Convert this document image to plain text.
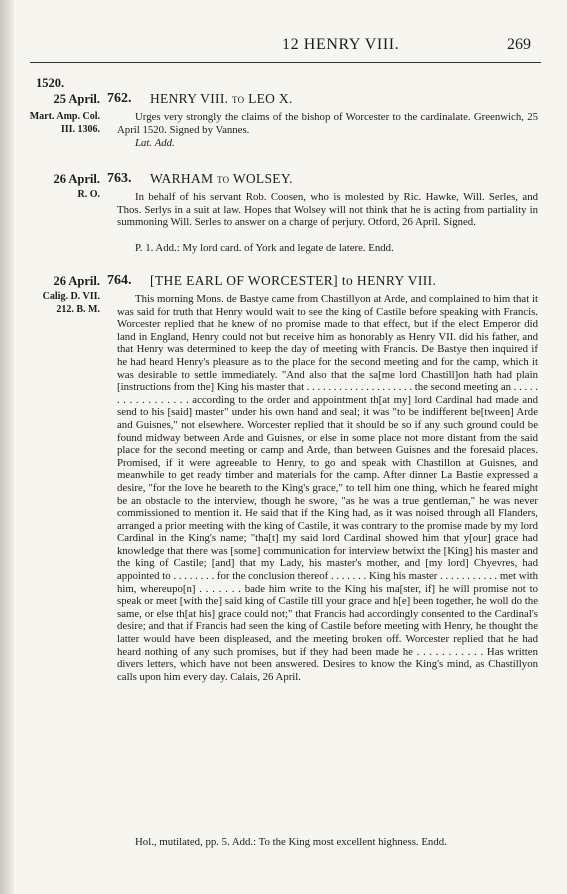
12 HENRY VIII.	269
1520.
25 April.
Mart. Amp. Col. III. 1306.
762. HENRY VIII. to LEO X.

Urges very strongly the claims of the bishop of Worcester to the cardinalate. Greenwich, 25 April 1520. Signed by Vannes.

Lat. Add.

26 April.
R. O.
763. WARHAM to WOLSEY.

In behalf of his servant Rob. Coosen, who is molested by Ric. Hawke, Will. Serles, and Thos. Serlys in a suit at law. Hopes that Wolsey will not think that he is acting from partiality in summoning Will. Serles to answer on a charge of perjury. Otford, 26 April. Signed.

P. 1. Add.: My lord card. of York and legate de latere. Endd.

26 April.
Calig. D. VII. 212. B. M.
764. [THE EARL OF WORCESTER] to HENRY VIII.

This morning Mons. de Bastye came from Chastillyon at Arde, and complained to him that it was said for truth that Henry would wait to see the king of Castile before speaking with Francis. Worcester replied that he knew of no promise made to that effect, but if the elect Emperor did land in England, Henry could not but receive him as honorably as Henry VII. did his father, and that Henry was determined to keep the day of meeting with Francis. De Bastye then inquired if he had heard Henry's pleasure as to the place for the second meeting and for the camp, which it was desirable to settle immediately. "And also that the sa[me lord Chastill]on hath had plain [instructions from the] King his master that . . . . . . . . . . . . . . . . . . . . the second meeting an . . . . . . . . . . . . . . . . . according to the order and appointment th[at my] lord Cardinal had made and send to his [said] master" under his own hand and seal; it was "to be indifferent be[tween] Arde and Guisnes," not elsewhere. Worcester replied that it should be so if any such ground could be found midway between Arde and Guisnes, or else in some place not more distant from the said place for the second meeting or camp and Arde, than between Guisnes and the foresaid places. Promised, if it were agreeable to Henry, to go and speak with Chastillon at Guisnes, and meanwhile to get ready timber and materials for the camp. After dinner La Bastie expressed a desire, "for the love he beareth to the King's grace," to tell him one thing, which he feared might be an obstacle to the interview, though he swore, "as he was a true gentleman," he was never commissioned to mention it. He said that if the King had, as it was noised through all Flanders, arranged a prior meeting with the king of Castile, it was contrary to the promise made by my lord Cardinal in the King's name; "tha[t] my said lord Cardinal showed him that y[our] grace had knowledge that there was [some] communication for interview betwixt the [King] his master and the king of Castile; [and] that my Lady, his master's mother, and [my lord] Chyevres, had appointed to . . . . . . . . for the conclusion thereof . . . . . . . King his master . . . . . . . . . . . met with him, whereupo[n] . . . . . . . bade him write to the King his ma[ster, if] he will promise not to speak or meet [with the] said king of Castile till your grace and h[e] been together, he woll do the same, or else th[at his] grace could not;" that Francis had accordingly consented to the Cardinal's desire; and that if Francis had seen the king of Castile before meeting with Henry, he thought the latter would have been displeased, and the meeting broken off. Worcester replied that he had heard nothing of any such promises, but if they had been made he . . . . . . . . . . . Has written divers letters, which have not been answered. Desires to know the King's mind, as Chastillyon calls upon him every day. Calais, 26 April.

Hol., mutilated, pp. 5. Add.: To the King most excellent highness. Endd.
